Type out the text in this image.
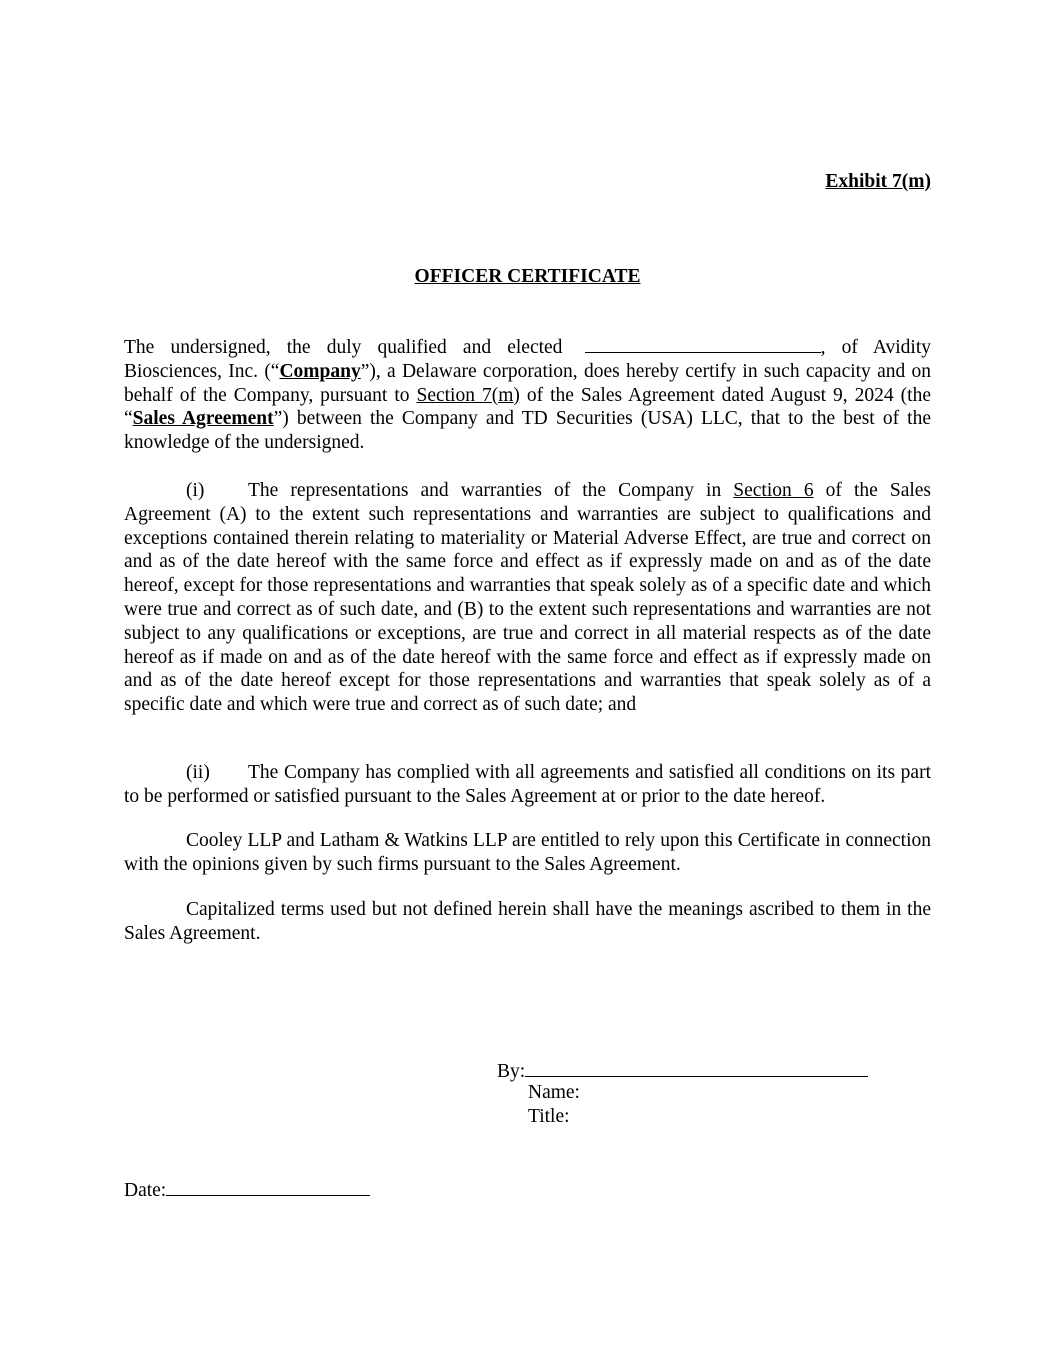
Exhibit 7(m)
OFFICER CERTIFICATE
The undersigned, the duly qualified and elected	, of Avidity Biosciences, Inc. (“Company”), a Delaware corporation, does hereby certify in such capacity and on behalf of the Company, pursuant to Section 7(m) of the Sales Agreement dated August 9, 2024 (the “Sales Agreement”) between the Company and TD Securities (USA) LLC, that to the best of the knowledge of the undersigned.
(i) The representations and warranties of the Company in Section 6 of the Sales Agreement (A) to the extent such representations and warranties are subject to qualifications and exceptions contained therein relating to materiality or Material Adverse Effect, are true and correct on and as of the date hereof with the same force and effect as if expressly made on and as of the date hereof, except for those representations and warranties that speak solely as of a specific date and which were true and correct as of such date, and (B) to the extent such representations and warranties are not subject to any qualifications or exceptions, are true and correct in all material respects as of the date hereof as if made on and as of the date hereof with the same force and effect as if expressly made on and as of the date hereof except for those representations and warranties that speak solely as of a specific date and which were true and correct as of such date; and
(ii) The Company has complied with all agreements and satisfied all conditions on its part to be performed or satisfied pursuant to the Sales Agreement at or prior to the date hereof.
Cooley LLP and Latham & Watkins LLP are entitled to rely upon this Certificate in connection with the opinions given by such firms pursuant to the Sales Agreement.
Capitalized terms used but not defined herein shall have the meanings ascribed to them in the Sales Agreement.
By:
Name:
Title:
Date:
